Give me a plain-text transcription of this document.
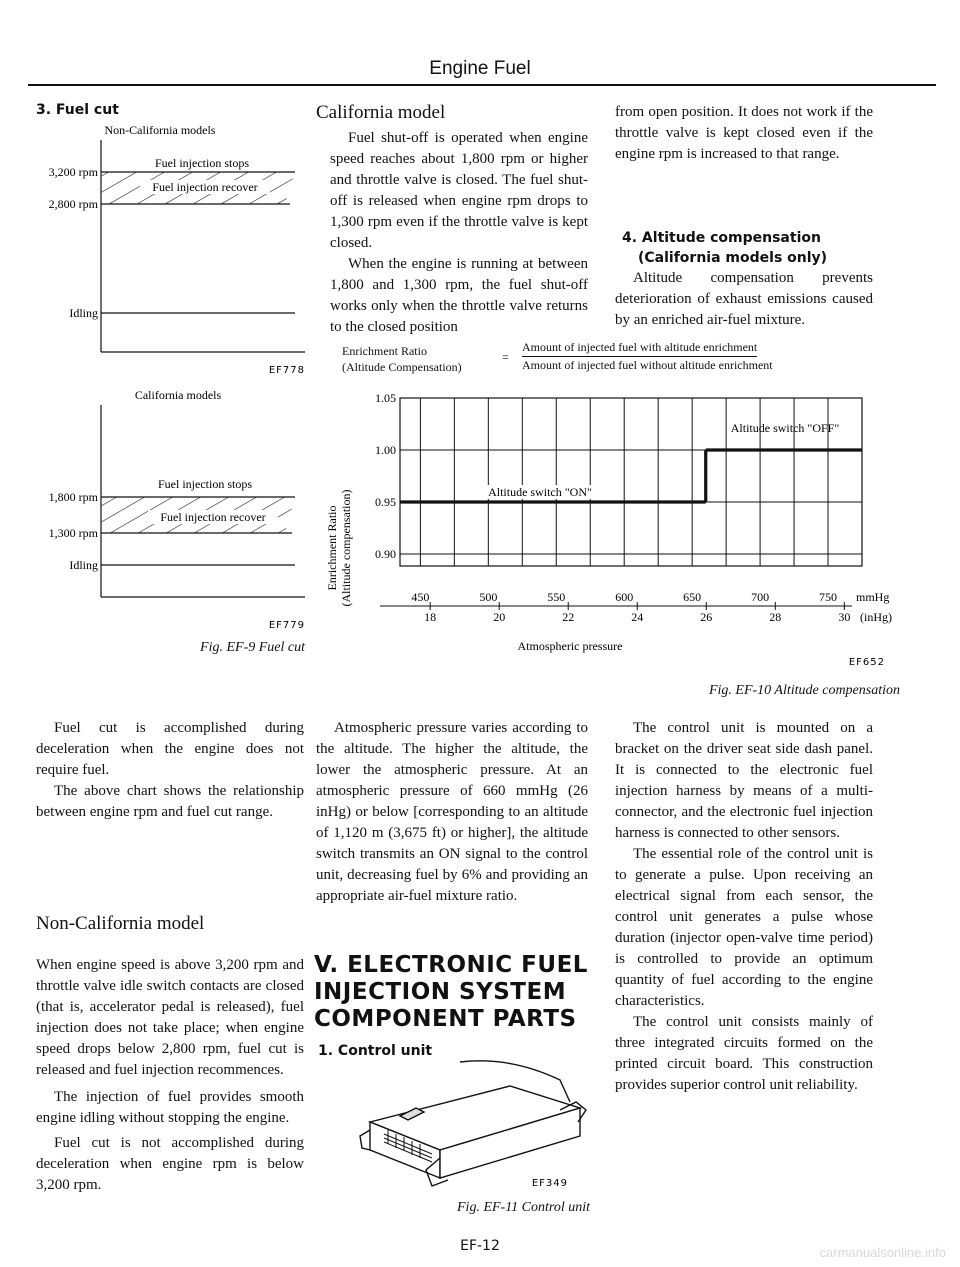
Engine Fuel
3. Fuel cut
Non-California models
Fuel injection stops
Fuel injection recover
3,200 rpm
2,800 rpm
Idling
EF778
California models
Fuel injection stops
Fuel injection recover
1,800 rpm
1,300 rpm
Idling
EF779
Fig. EF-9 Fuel cut

Fuel cut is accomplished during deceleration when the engine does not require fuel.

The above chart shows the relationship between engine rpm and fuel cut range.

Non-California model

When engine speed is above 3,200 rpm and throttle valve idle switch contacts are closed (that is, accelerator pedal is released), fuel injection does not take place; when engine speed drops below 2,800 rpm, fuel cut is released and fuel injection recommences.

The injection of fuel provides smooth engine idling without stopping the engine.

Fuel cut is not accomplished during deceleration when engine rpm is below 3,200 rpm.

California model

Fuel shut-off is operated when engine speed reaches about 1,800 rpm or higher and throttle valve is closed. The fuel shut-off is released when engine rpm drops to 1,300 rpm even if the throttle valve is kept closed.

When the engine is running at between 1,800 and 1,300 rpm, the fuel shut-off works only when the throttle valve returns to the closed position

from open position. It does not work if the throttle valve is kept closed even if the engine rpm is increased to that range.

4. Altitude compensation
(California models only)

Altitude compensation prevents deterioration of exhaust emissions caused by an enriched air-fuel mixture.

Enrichment Ratio
(Altitude Compensation)
=
Amount of injected fuel with altitude enrichment
Amount of injected fuel without altitude enrichment
450	500	550	600	650	700	750
18	20	22	24	26	28	30
1.05
1.00
0.95
0.90
Altitude switch "ON"
Altitude switch "OFF"
Enrichment Ratio (Altitude compensation)	mmHg
(inHg)
Atmospheric pressure
EF652
Fig. EF-10 Altitude compensation

Atmospheric pressure varies according to the altitude. The higher the altitude, the lower the atmospheric pressure. At an atmospheric pressure of 660 mmHg (26 inHg) or below [corresponding to an altitude of 1,120 m (3,675 ft) or higher], the altitude switch transmits an ON signal to the control unit, decreasing fuel by 6% and providing an appropriate air-fuel mixture ratio.

V. ELECTRONIC FUEL
INJECTION SYSTEM
COMPONENT PARTS
1. Control unit
EF349
Fig. EF-11 Control unit

The control unit is mounted on a bracket on the driver seat side dash panel. It is connected to the electronic fuel injection harness by means of a multi-connector, and the electronic fuel injection harness is connected to other sensors.

The essential role of the control unit is to generate a pulse. Upon receiving an electrical signal from each sensor, the control unit generates a pulse whose duration (injector open-valve time period) is controlled to provide an optimum quantity of fuel according to the engine characteristics.

The control unit consists mainly of three integrated circuits formed on the printed circuit board. This construction provides superior control unit reliability.

EF-12	carmanualsonline.info
